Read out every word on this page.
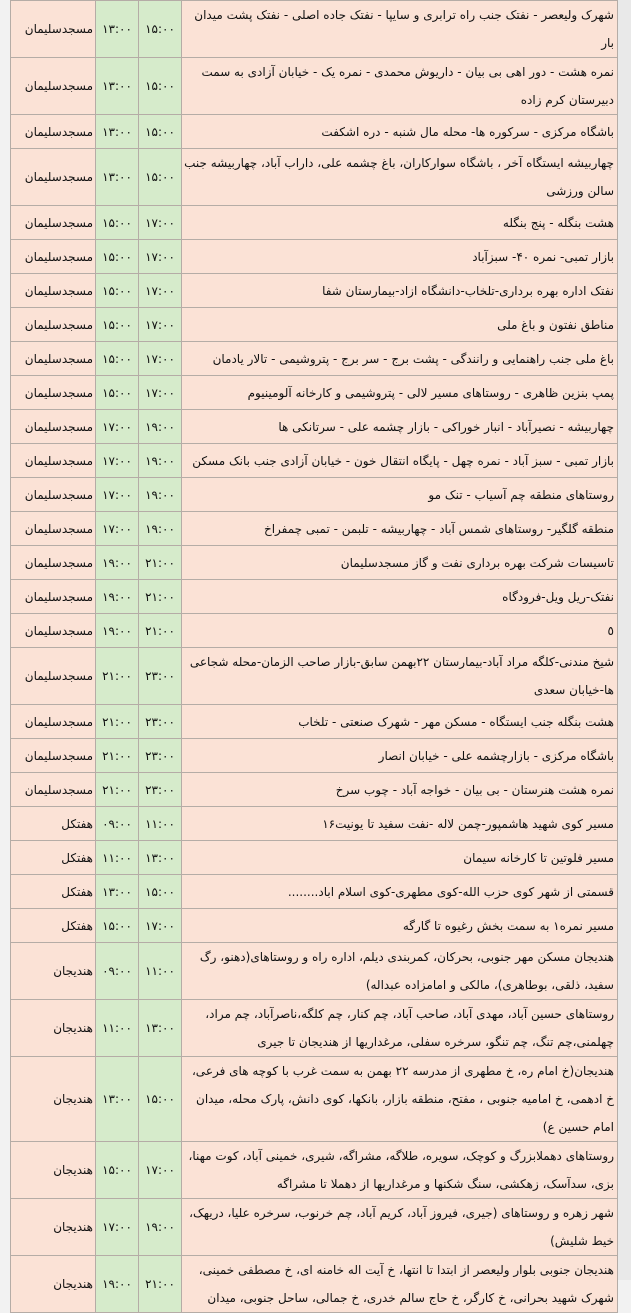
مسجدسلیمان	۱۳:۰۰	۱۵:۰۰	شهرک ولیعصر - نفتک جنب راه ترابری و سایپا - نفتک جاده اصلی - نفتک پشت میدان بار
مسجدسلیمان	۱۳:۰۰	۱۵:۰۰	نمره هشت - دور اهی بی بیان - داریوش محمدی - نمره یک - خیابان آزادی به سمت دبیرستان کرم زاده
مسجدسلیمان	۱۳:۰۰	۱۵:۰۰	باشگاه مرکزی - سرکوره ها- محله مال شنبه - دره اشکفت
مسجدسلیمان	۱۳:۰۰	۱۵:۰۰	چهاربیشه ایستگاه آخر ، باشگاه سوارکاران، باغ چشمه علی، داراب آباد، چهاربیشه جنب سالن ورزشی
مسجدسلیمان	۱۵:۰۰	۱۷:۰۰	هشت بنگله - پنج بنگله
مسجدسلیمان	۱۵:۰۰	۱۷:۰۰	بازار تمبی- نمره ۴۰- سبزآباد
مسجدسلیمان	۱۵:۰۰	۱۷:۰۰	نفتک اداره بهره برداری-تلخاب-دانشگاه ازاد-بیمارستان شفا
مسجدسلیمان	۱۵:۰۰	۱۷:۰۰	مناطق نفتون و باغ ملی
مسجدسلیمان	۱۵:۰۰	۱۷:۰۰	باغ ملی جنب راهنمایی و رانندگی - پشت برج - سر برج - پتروشیمی - تالار یادمان
مسجدسلیمان	۱۵:۰۰	۱۷:۰۰	پمپ بنزین ظاهری - روستاهای مسیر لالی - پتروشیمی و کارخانه آلومینیوم
مسجدسلیمان	۱۷:۰۰	۱۹:۰۰	چهاربیشه - نصیرآباد - انبار خوراکی - بازار چشمه علی - سرتانکی ها
مسجدسلیمان	۱۷:۰۰	۱۹:۰۰	بازار تمبی - سبز آباد - نمره چهل - پایگاه انتقال خون - خیابان آزادی جنب بانک مسکن
مسجدسلیمان	۱۷:۰۰	۱۹:۰۰	روستاهای منطقه چم آسیاب - تنک مو
مسجدسلیمان	۱۷:۰۰	۱۹:۰۰	منطقه گلگیر- روستاهای شمس آباد - چهاربیشه - تلبمن - تمبی چمفراخ
مسجدسلیمان	۱۹:۰۰	۲۱:۰۰	تاسیسات شرکت بهره برداری نفت و گاز مسجدسلیمان
مسجدسلیمان	۱۹:۰۰	۲۱:۰۰	نفتک-ریل ویل-فرودگاه
مسجدسلیمان	۱۹:۰۰	۲۱:۰۰	٥
مسجدسلیمان	۲۱:۰۰	۲۳:۰۰	شیخ مندنی-کلگه مراد آباد-بیمارستان ۲۲بهمن سابق-بازار صاحب الزمان-محله شجاعی ها-خیابان سعدی
مسجدسلیمان	۲۱:۰۰	۲۳:۰۰	هشت بنگله جنب ایستگاه - مسکن مهر - شهرک صنعتی - تلخاب
مسجدسلیمان	۲۱:۰۰	۲۳:۰۰	باشگاه مرکزی - بازارچشمه علی - خیابان انصار
مسجدسلیمان	۲۱:۰۰	۲۳:۰۰	نمره هشت هنرستان - بی بیان - خواجه آباد - چوب سرخ
هفتکل	۰۹:۰۰	۱۱:۰۰	مسیر کوی شهید هاشمپور-چمن لاله -نفت سفید تا یونیت۱۶
هفتکل	۱۱:۰۰	۱۳:۰۰	مسیر فلوتین تا کارخانه سیمان
هفتکل	۱۳:۰۰	۱۵:۰۰	قسمتی از شهر کوی حزب الله-کوی مطهری-کوی اسلام اباد........
هفتکل	۱۵:۰۰	۱۷:۰۰	مسیر نمره۱ به سمت بخش رغیوه تا گارگه
هندیجان	۰۹:۰۰	۱۱:۰۰	هندیجان مسکن مهر جنوبی، بحرکان، کمربندی دیلم، اداره راه و روستاهای(دهنو، رگ سفید، ذلقی، بوطاهری)، مالکی و امامزاده عبداله)
هندیجان	۱۱:۰۰	۱۳:۰۰	روستاهای حسین آباد، مهدی آباد، صاحب آباد، چم کنار، چم کلگه،ناصرآباد، چم مراد، چهلمنی،چم تنگ، چم تنگو، سرخره سفلی، مرغداریها از هندیجان تا جیری
هندیجان	۱۳:۰۰	۱۵:۰۰	هندیجان(خ امام ره، خ مطهری از مدرسه ۲۲ بهمن به سمت غرب با کوچه های فرعی، خ ادهمی، خ امامیه جنوبی ، مفتح، منطقه بازار، بانکها، کوی دانش، پارک محله، میدان امام حسین ع)
هندیجان	۱۵:۰۰	۱۷:۰۰	روستاهای دهملابزرگ و کوچک، سویره، طلاگه، مشراگه، شیری، خمینی آباد، کوت مهنا، بزی، سدآسک، زهکشی، سنگ شکنها و مرغداریها از دهملا تا مشراگه
هندیجان	۱۷:۰۰	۱۹:۰۰	شهر زهره و روستاهای (جیری، فیروز آباد، کریم آباد، چم خرنوب، سرخره علیا، دریهک، خیط شلیش)
هندیجان	۱۹:۰۰	۲۱:۰۰	هندیجان جنوبی بلوار ولیعصر از ابتدا تا انتها، خ آیت اله خامنه ای، خ مصطفی خمینی، شهرک شهید بحرانی، خ کارگر، خ حاج سالم خدری، خ جمالی، ساحل جنوبی، میدان
